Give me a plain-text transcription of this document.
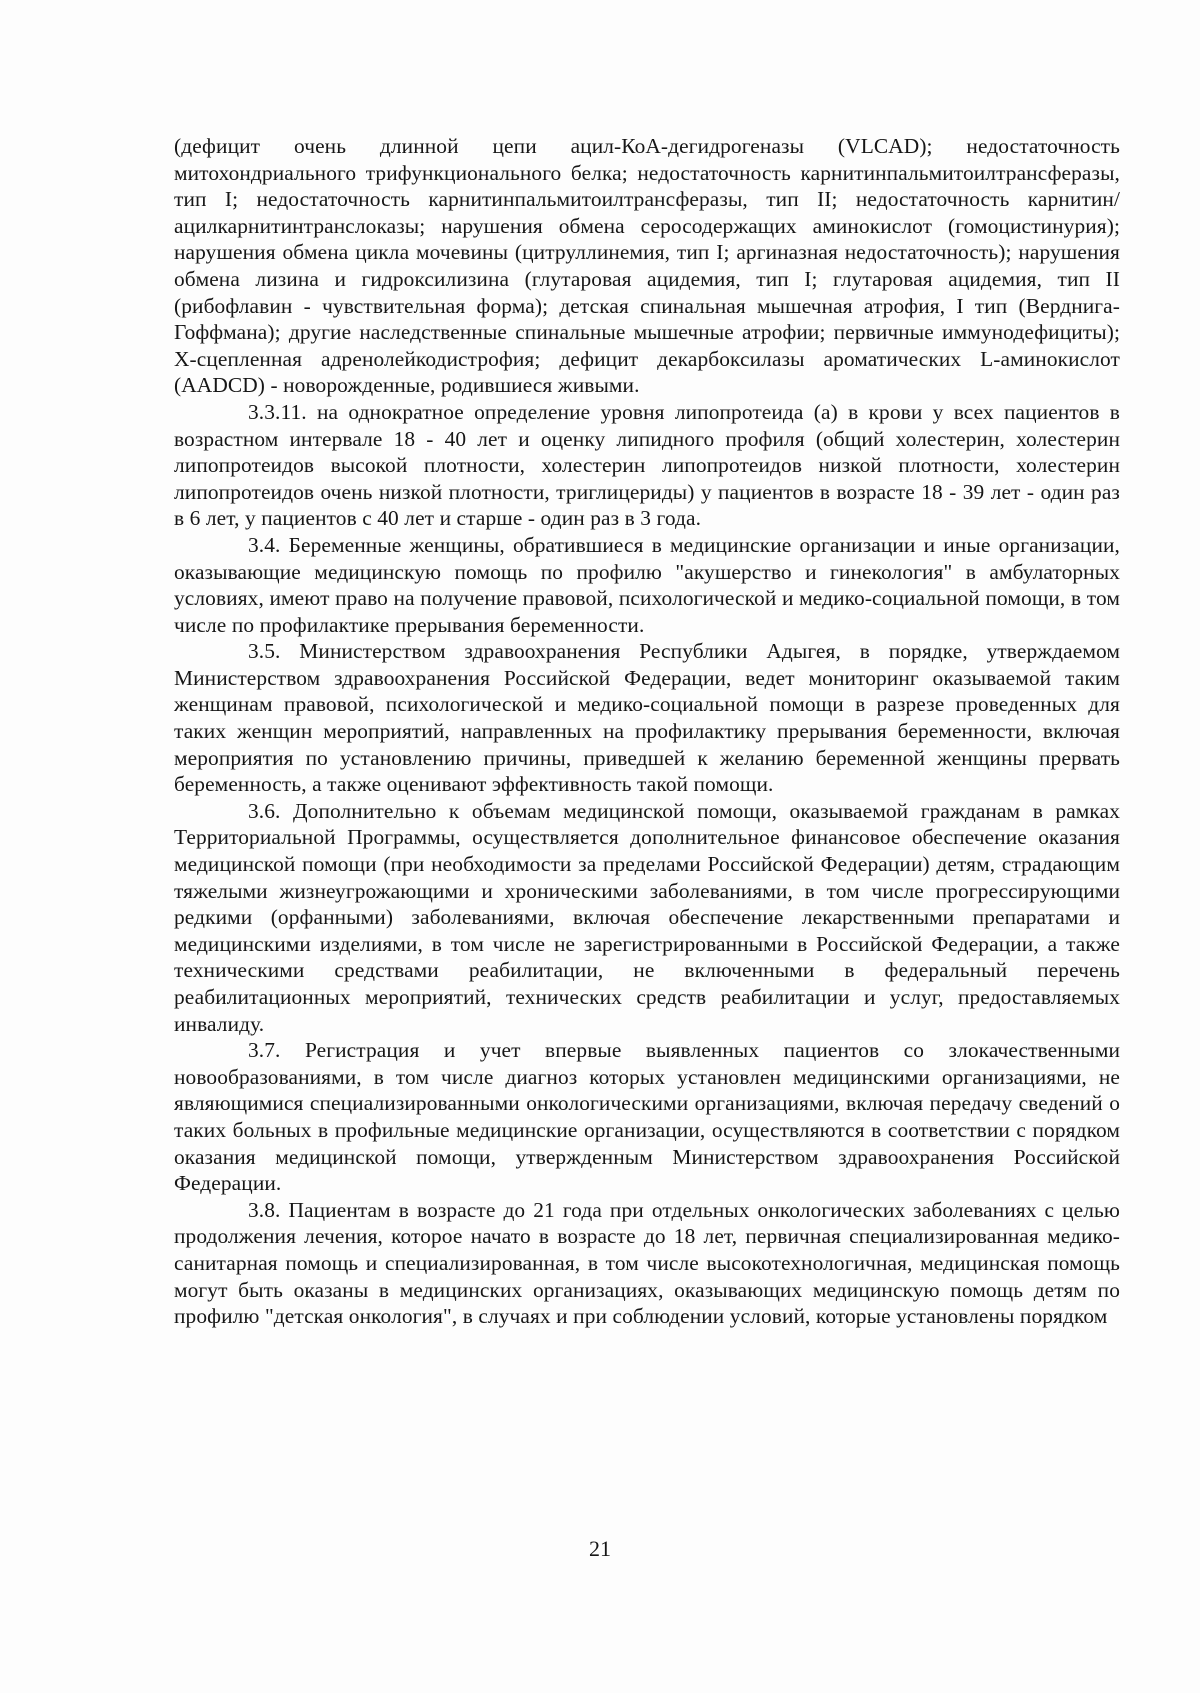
(дефицит очень длинной цепи ацил-КоА-дегидрогеназы (VLCAD); недостаточность митохондриального трифункционального белка; недостаточность карнитинпальмитоилтрансферазы, тип I; недостаточность карнитинпальмитоилтрансферазы, тип II; недостаточность карнитин/ацилкарнитинтранслоказы; нарушения обмена серосодержащих аминокислот (гомоцистинурия); нарушения обмена цикла мочевины (цитруллинемия, тип I; аргиназная недостаточность); нарушения обмена лизина и гидроксилизина (глутаровая ацидемия, тип I; глутаровая ацидемия, тип II (рибофлавин - чувствительная форма); детская спинальная мышечная атрофия, I тип (Верднига-Гоффмана); другие наследственные спинальные мышечные атрофии; первичные иммунодефициты); Х-сцепленная адренолейкодистрофия; дефицит декарбоксилазы ароматических L-аминокислот (AADCD) - новорожденные, родившиеся живыми.

3.3.11. на однократное определение уровня липопротеида (а) в крови у всех пациентов в возрастном интервале 18 - 40 лет и оценку липидного профиля (общий холестерин, холестерин липопротеидов высокой плотности, холестерин липопротеидов низкой плотности, холестерин липопротеидов очень низкой плотности, триглицериды) у пациентов в возрасте 18 - 39 лет - один раз в 6 лет, у пациентов с 40 лет и старше - один раз в 3 года.

3.4. Беременные женщины, обратившиеся в медицинские организации и иные организации, оказывающие медицинскую помощь по профилю "акушерство и гинекология" в амбулаторных условиях, имеют право на получение правовой, психологической и медико-социальной помощи, в том числе по профилактике прерывания беременности.

3.5. Министерством здравоохранения Республики Адыгея, в порядке, утверждаемом Министерством здравоохранения Российской Федерации, ведет мониторинг оказываемой таким женщинам правовой, психологической и медико-социальной помощи в разрезе проведенных для таких женщин мероприятий, направленных на профилактику прерывания беременности, включая мероприятия по установлению причины, приведшей к желанию беременной женщины прервать беременность, а также оценивают эффективность такой помощи.

3.6. Дополнительно к объемам медицинской помощи, оказываемой гражданам в рамках Территориальной Программы, осуществляется дополнительное финансовое обеспечение оказания медицинской помощи (при необходимости за пределами Российской Федерации) детям, страдающим тяжелыми жизнеугрожающими и хроническими заболеваниями, в том числе прогрессирующими редкими (орфанными) заболеваниями, включая обеспечение лекарственными препаратами и медицинскими изделиями, в том числе не зарегистрированными в Российской Федерации, а также техническими средствами реабилитации, не включенными в федеральный перечень реабилитационных мероприятий, технических средств реабилитации и услуг, предоставляемых инвалиду.

3.7. Регистрация и учет впервые выявленных пациентов со злокачественными новообразованиями, в том числе диагноз которых установлен медицинскими организациями, не являющимися специализированными онкологическими организациями, включая передачу сведений о таких больных в профильные медицинские организации, осуществляются в соответствии с порядком оказания медицинской помощи, утвержденным Министерством здравоохранения Российской Федерации.

3.8. Пациентам в возрасте до 21 года при отдельных онкологических заболеваниях с целью продолжения лечения, которое начато в возрасте до 18 лет, первичная специализированная медико-санитарная помощь и специализированная, в том числе высокотехнологичная, медицинская помощь могут быть оказаны в медицинских организациях, оказывающих медицинскую помощь детям по профилю "детская онкология", в случаях и при соблюдении условий, которые установлены порядком

21
